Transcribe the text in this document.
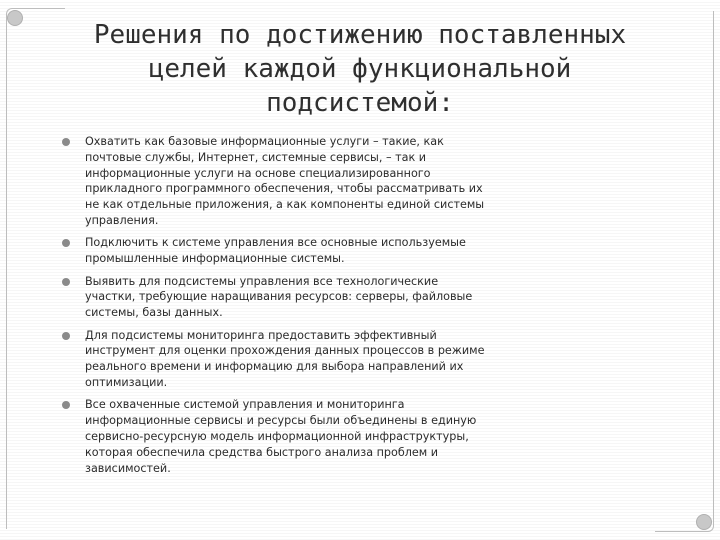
Решения по достижению поставленных
целей каждой функциональной
подсистемой:
Охватить как базовые информационные услуги – такие, как почтовые службы, Интернет, системные сервисы, – так и информационные услуги на основе специализированного прикладного программного обеспечения, чтобы рассматривать их не как отдельные приложения, а как компоненты единой системы управления.
Подключить к системе управления все основные используемые промышленные информационные системы.
Выявить для подсистемы управления все технологические участки, требующие наращивания ресурсов: серверы, файловые системы, базы данных.
Для подсистемы мониторинга предоставить эффективный инструмент для оценки прохождения данных процессов в режиме реального времени и информацию для выбора направлений их оптимизации.
Все охваченные системой управления и мониторинга информационные сервисы и ресурсы были объединены в единую сервисно-ресурсную модель информационной инфраструктуры, которая обеспечила средства быстрого анализа проблем и зависимостей.
